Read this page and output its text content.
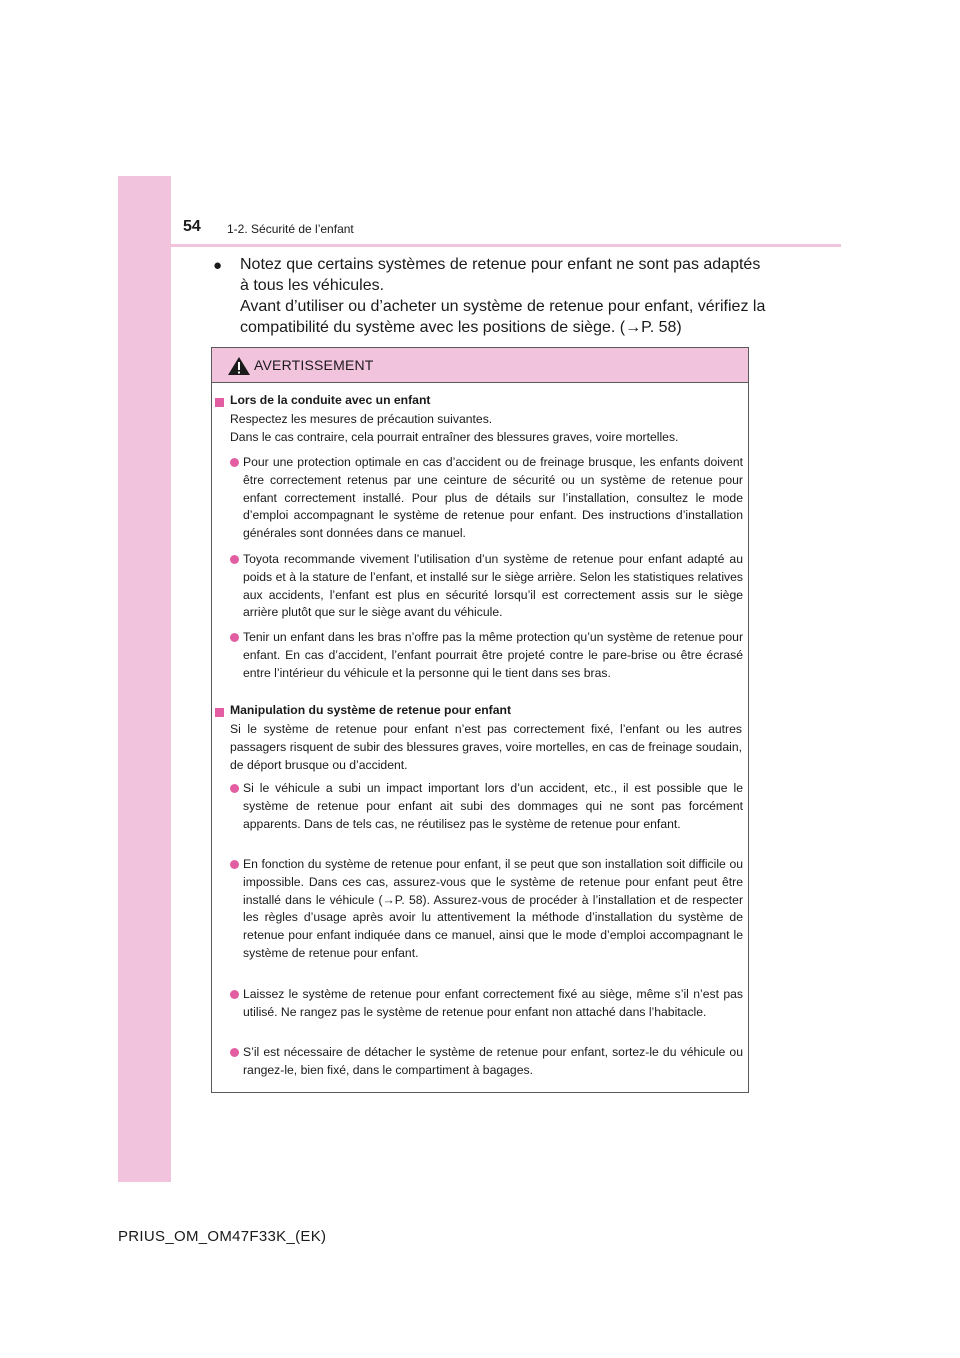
54 1-2. Sécurité de l’enfant
●	Notez que certains systèmes de retenue pour enfant ne sont pas adaptés
à tous les véhicules.
Avant d’utiliser ou d’acheter un système de retenue pour enfant, vérifiez la
compatibilité du système avec les positions de siège. (→P. 58)
AVERTISSEMENT
Lors de la conduite avec un enfant
Respectez les mesures de précaution suivantes.
Dans le cas contraire, cela pourrait entraîner des blessures graves, voire mortelles.
Pour une protection optimale en cas d’accident ou de freinage brusque, les enfants doivent être correctement retenus par une ceinture de sécurité ou un système de retenue pour enfant correctement installé. Pour plus de détails sur l’installation, consultez le mode d’emploi accompagnant le système de retenue pour enfant. Des instructions d’installation générales sont données dans ce manuel.
Toyota recommande vivement l’utilisation d’un système de retenue pour enfant adapté au poids et à la stature de l’enfant, et installé sur le siège arrière. Selon les statistiques relatives aux accidents, l’enfant est plus en sécurité lorsqu’il est correctement assis sur le siège arrière plutôt que sur le siège avant du véhicule.
Tenir un enfant dans les bras n’offre pas la même protection qu’un système de retenue pour enfant. En cas d’accident, l’enfant pourrait être projeté contre le pare-brise ou être écrasé entre l’intérieur du véhicule et la personne qui le tient dans ses bras.
Manipulation du système de retenue pour enfant
Si le système de retenue pour enfant n’est pas correctement fixé, l’enfant ou les autres passagers risquent de subir des blessures graves, voire mortelles, en cas de freinage soudain, de déport brusque ou d’accident.
Si le véhicule a subi un impact important lors d’un accident, etc., il est possible que le système de retenue pour enfant ait subi des dommages qui ne sont pas forcément apparents. Dans de tels cas, ne réutilisez pas le système de retenue pour enfant.
En fonction du système de retenue pour enfant, il se peut que son installation soit difficile ou impossible. Dans ces cas, assurez-vous que le système de retenue pour enfant peut être installé dans le véhicule (→P. 58). Assurez-vous de procéder à l’installation et de respecter les règles d’usage après avoir lu attentivement la méthode d’installation du système de retenue pour enfant indiquée dans ce manuel, ainsi que le mode d’emploi accompagnant le système de retenue pour enfant.
Laissez le système de retenue pour enfant correctement fixé au siège, même s’il n’est pas utilisé. Ne rangez pas le système de retenue pour enfant non attaché dans l’habitacle.
S’il est nécessaire de détacher le système de retenue pour enfant, sortez-le du véhicule ou rangez-le, bien fixé, dans le compartiment à bagages.
PRIUS_OM_OM47F33K_(EK)
